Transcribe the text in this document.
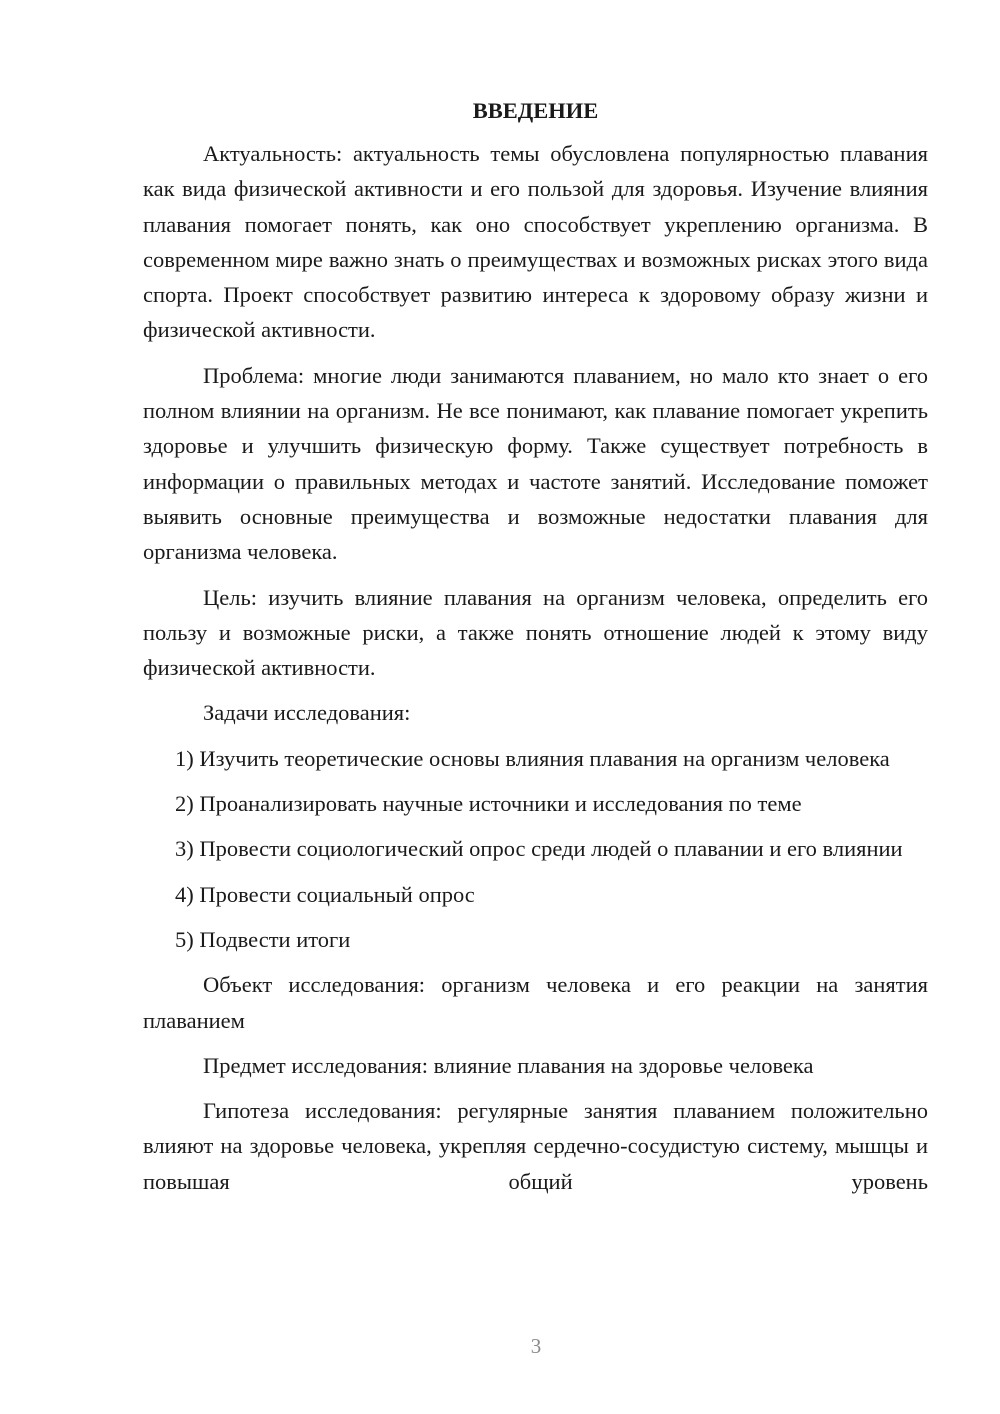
ВВЕДЕНИЕ

Актуальность: актуальность темы обусловлена популярностью плавания как вида физической активности и его пользой для здоровья. Изучение влияния плавания помогает понять, как оно способствует укреплению организма. В современном мире важно знать о преимуществах и возможных рисках этого вида спорта. Проект способствует развитию интереса к здоровому образу жизни и физической активности.

Проблема: многие люди занимаются плаванием, но мало кто знает о его полном влиянии на организм. Не все понимают, как плавание помогает укрепить здоровье и улучшить физическую форму. Также существует потребность в информации о правильных методах и частоте занятий. Исследование поможет выявить основные преимущества и возможные недостатки плавания для организма человека.

Цель: изучить влияние плавания на организм человека, определить его пользу и возможные риски, а также понять отношение людей к этому виду физической активности.

Задачи исследования:

1) Изучить теоретические основы влияния плавания на организм человека

2) Проанализировать научные источники и исследования по теме

3) Провести социологический опрос среди людей о плавании и его влиянии

4) Провести социальный опрос

5) Подвести итоги

Объект исследования: организм человека и его реакции на занятия плаванием

Предмет исследования: влияние плавания на здоровье человека

Гипотеза исследования: регулярные занятия плаванием положительно влияют на здоровье человека, укрепляя сердечно-сосудистую систему, мышцы и повышая общий уровень

3
